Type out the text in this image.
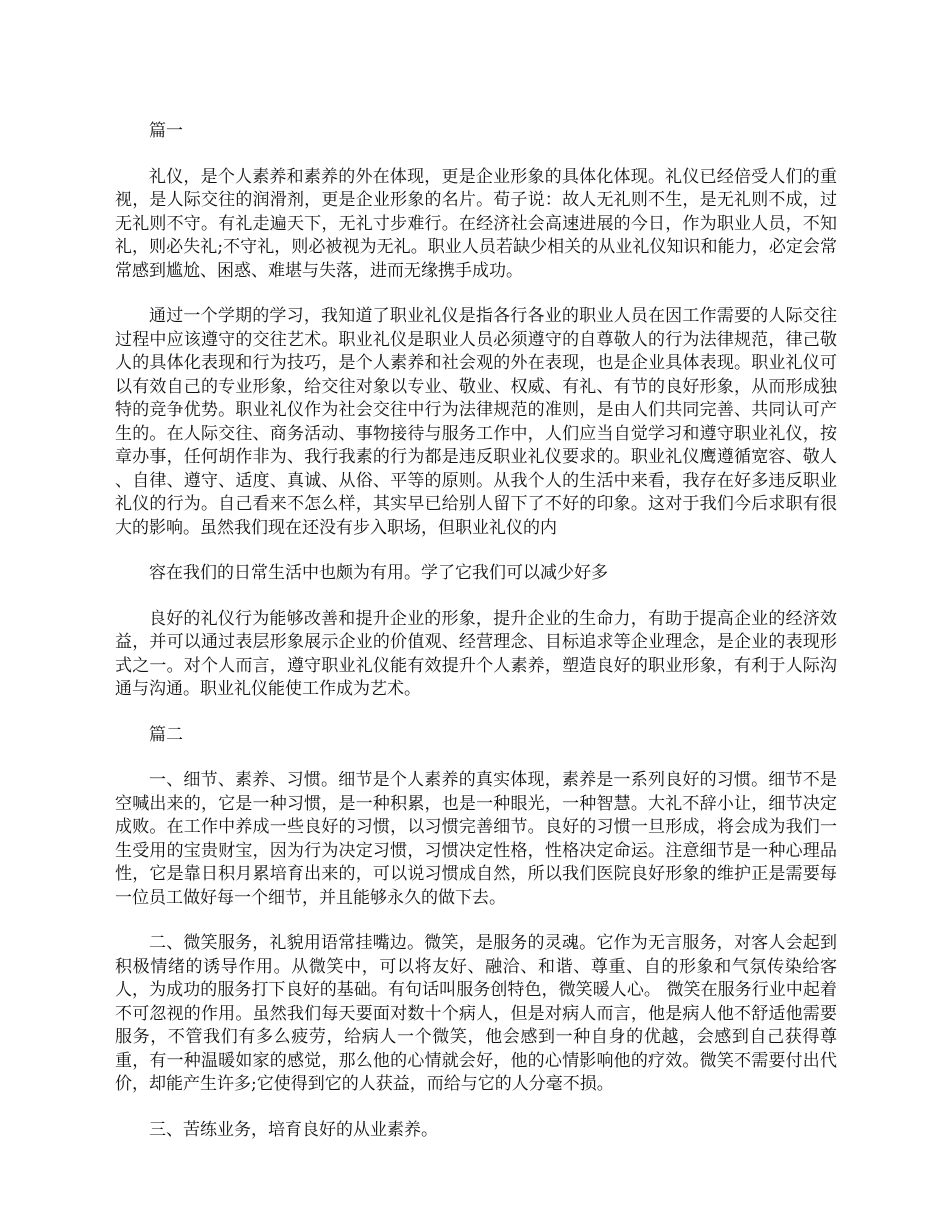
篇一

礼仪，是个人素养和素养的外在体现，更是企业形象的具体化体现。礼仪已经倍受人们的重视，是人际交往的润滑剂，更是企业形象的名片。荀子说：故人无礼则不生，是无礼则不成，过无礼则不守。有礼走遍天下，无礼寸步难行。在经济社会高速进展的今日，作为职业人员，不知礼，则必失礼;不守礼，则必被视为无礼。职业人员若缺少相关的从业礼仪知识和能力，必定会常常感到尴尬、困惑、难堪与失落，进而无缘携手成功。

通过一个学期的学习，我知道了职业礼仪是指各行各业的职业人员在因工作需要的人际交往过程中应该遵守的交往艺术。职业礼仪是职业人员必须遵守的自尊敬人的行为法律规范，律己敬人的具体化表现和行为技巧，是个人素养和社会观的外在表现，也是企业具体表现。职业礼仪可以有效自己的专业形象，给交往对象以专业、敬业、权威、有礼、有节的良好形象，从而形成独特的竞争优势。职业礼仪作为社会交往中行为法律规范的准则，是由人们共同完善、共同认可产生的。在人际交往、商务活动、事物接待与服务工作中，人们应当自觉学习和遵守职业礼仪，按章办事，任何胡作非为、我行我素的行为都是违反职业礼仪要求的。职业礼仪鹰遵循宽容、敬人 、自律、遵守、适度、真诚、从俗、平等的原则。从我个人的生活中来看，我存在好多违反职业礼仪的行为。自己看来不怎么样，其实早已给别人留下了不好的印象。这对于我们今后求职有很大的影响。虽然我们现在还没有步入职场，但职业礼仪的内

容在我们的日常生活中也颇为有用。学了它我们可以减少好多

良好的礼仪行为能够改善和提升企业的形象，提升企业的生命力，有助于提高企业的经济效益，并可以通过表层形象展示企业的价值观、经营理念、目标追求等企业理念，是企业的表现形式之一。对个人而言，遵守职业礼仪能有效提升个人素养，塑造良好的职业形象，有利于人际沟通与沟通。职业礼仪能使工作成为艺术。

篇二

一、细节、素养、习惯。细节是个人素养的真实体现，素养是一系列良好的习惯。细节不是空喊出来的，它是一种习惯，是一种积累，也是一种眼光，一种智慧。大礼不辞小让，细节决定成败。在工作中养成一些良好的习惯，以习惯完善细节。良好的习惯一旦形成，将会成为我们一生受用的宝贵财宝，因为行为决定习惯，习惯决定性格，性格决定命运。注意细节是一种心理品性，它是靠日积月累培育出来的，可以说习惯成自然，所以我们医院良好形象的维护正是需要每一位员工做好每一个细节，并且能够永久的做下去。

二、微笑服务，礼貌用语常挂嘴边。微笑，是服务的灵魂。它作为无言服务，对客人会起到积极情绪的诱导作用。从微笑中，可以将友好、融洽、和谐、尊重、自的形象和气氛传染给客人，为成功的服务打下良好的基础。有句话叫服务创特色，微笑暖人心。 微笑在服务行业中起着不可忽视的作用。虽然我们每天要面对数十个病人，但是对病人而言，他是病人他不舒适他需要服务，不管我们有多么疲劳，给病人一个微笑，他会感到一种自身的优越，会感到自己获得尊重，有一种温暖如家的感觉，那么他的心情就会好，他的心情影响他的疗效。微笑不需要付出代价，却能产生许多;它使得到它的人获益，而给与它的人分毫不损。

三、苦练业务，培育良好的从业素养。
